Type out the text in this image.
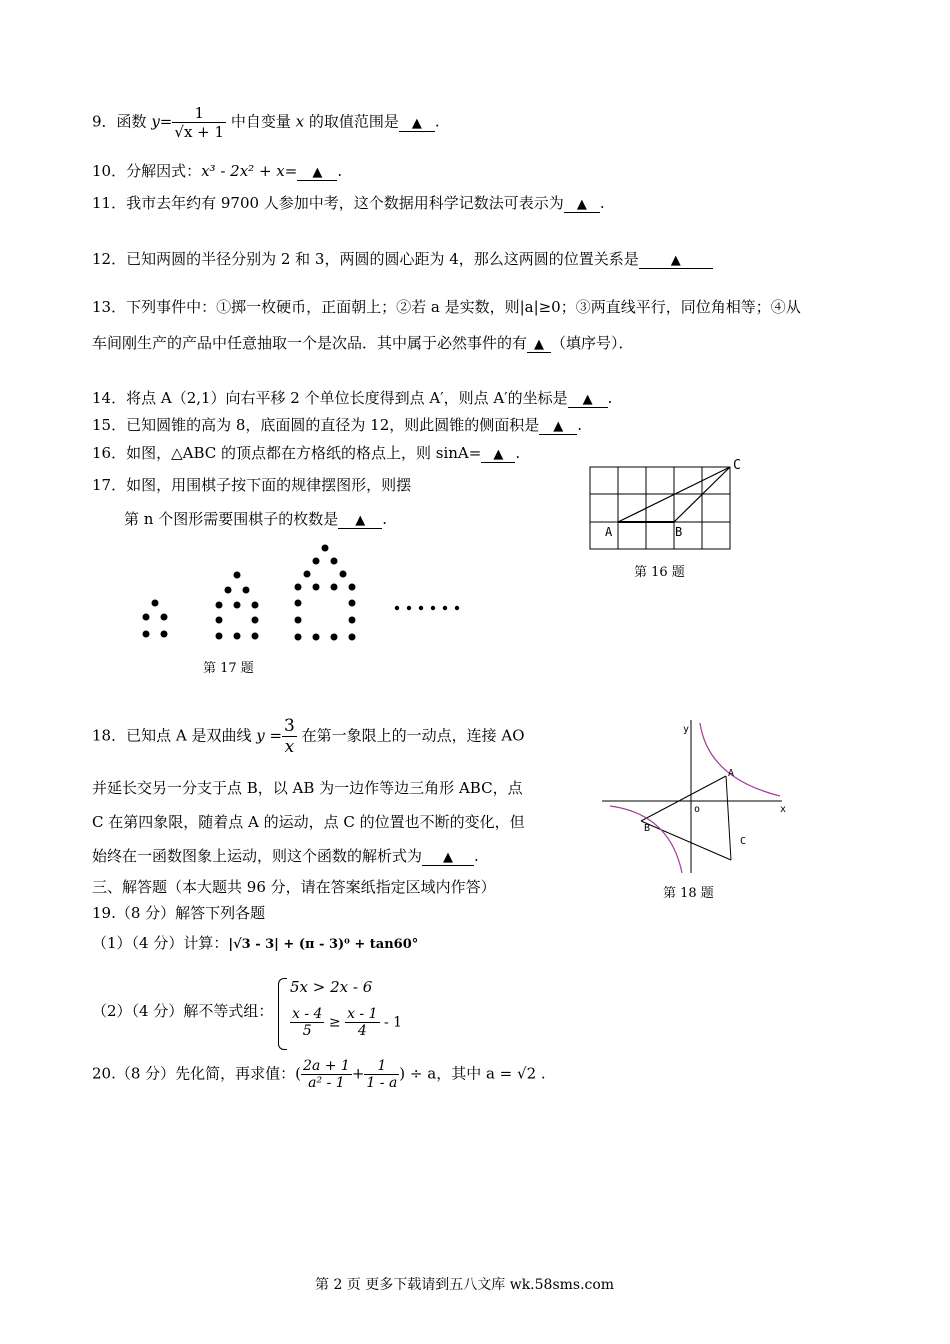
9．函数 $y= \frac{1}{√x + 1}$ 中自变量 x 的取值范围是 ▲ .
10．分解因式：x³ - 2x² + x= ▲ .
11．我市去年约有 9700 人参加中考，这个数据用科学记数法可表示为 ▲ .
12．已知两圆的半径分别为 2 和 3，两圆的圆心距为 4，那么这两圆的位置关系是 ▲
13．下列事件中：①掷一枚硬币，正面朝上；②若 a 是实数，则|a|≥0；③两直线平行，同位角相等；④从
车间刚生产的产品中任意抽取一个是次品．其中属于必然事件的有 ▲ （填序号）．
14．将点 A（2,1）向右平移 2 个单位长度得到点 A′，则点 A′的坐标是 ▲ .
15．已知圆锥的高为 8，底面圆的直径为 12，则此圆锥的侧面积是 ▲ .
16．如图，△ABC 的顶点都在方格纸的格点上，则 sinA= ▲ .
17．如图，用围棋子按下面的规律摆图形，则摆
第 n 个图形需要围棋子的枚数是 ▲ .
A	B
C
第 16 题
……
第 17 题
18．已知点 A 是双曲线 $y = \frac{3}{x}$ 在第一象限上的一动点，连接 AO
并延长交另一分支于点 B，以 AB 为一边作等边三角形 ABC，点
C 在第四象限，随着点 A 的运动，点 C 的位置也不断的变化，但
始终在一函数图象上运动，则这个函数的解析式为 ▲ .
x
y
o
A
B
C
第 18 题
三、解答题（本大题共 96 分，请在答案纸指定区域内作答）
19.（8 分）解答下列各题
（1）（4 分）计算：|√3 - 3| + (π - 3)⁰ + tan60°
（2）（4 分）解不等式组：
5x > 2x - 6
$\frac{x - 4}{5} \ge \frac{x - 1}{4} - 1$
20.（8 分）先化简，再求值：( $\frac{2a + 1}{\text{a² - 1}} + \frac{1}{1 - a}$ ) ÷ a，其中 a = √2 .
第 2 页 更多下载请到五八文库 wk.58sms.com
